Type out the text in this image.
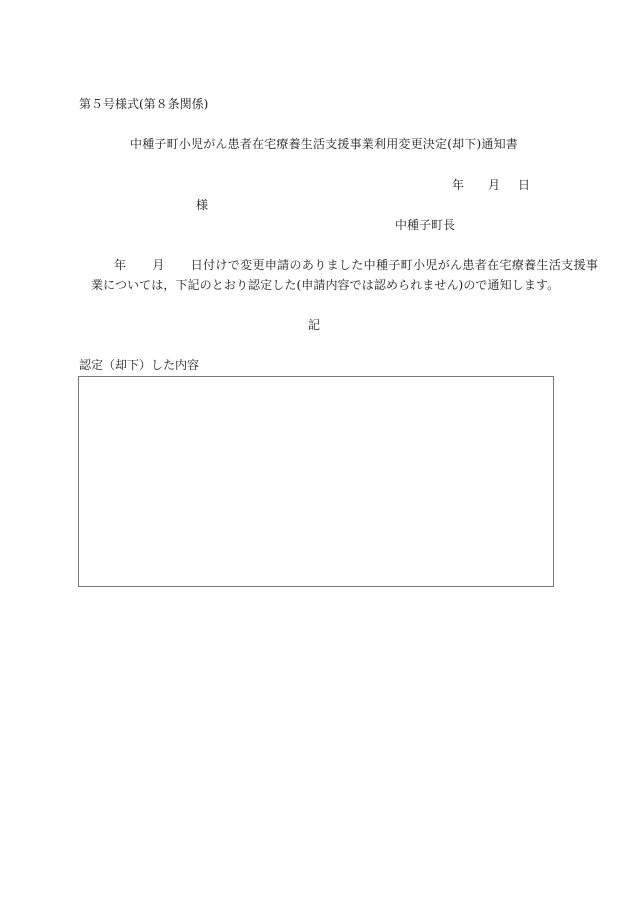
第５号様式(第８条関係)
中種子町小児がん患者在宅療養生活支援事業利用変更決定(却下)通知書
年 月 日
様
中種子町長
年 月 日付けで変更申請のありました中種子町小児がん患者在宅療養生活支援事
業については，下記のとおり認定した(申請内容では認められません)ので通知します。
記
認定（却下）した内容
